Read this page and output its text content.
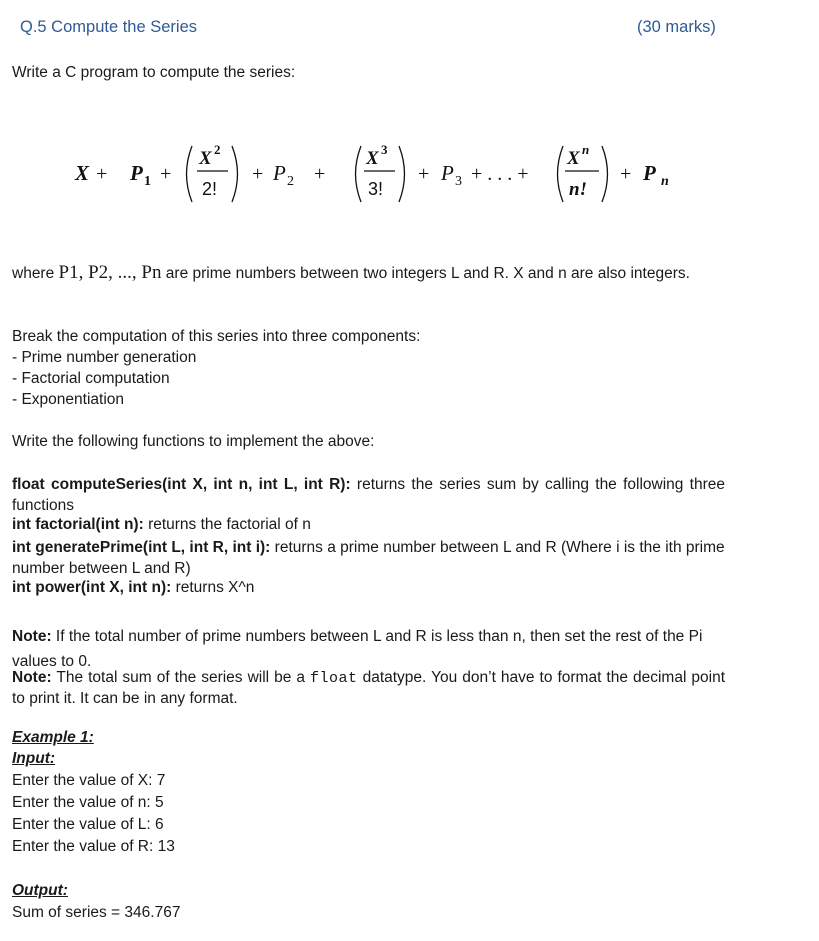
Q.5 Compute the Series	(30 marks)
Write a C program to compute the series:
X + P 1 +
X 2
2!
+ P 2 +
X 3
3!
+ P 3 + . . . +
X n
n!
+ P n
where P1, P2, ..., Pn are prime numbers between two integers L and R. X and n are also integers.
Break the computation of this series into three components:
- Prime number generation
- Factorial computation
- Exponentiation
Write the following functions to implement the above:
float computeSeries(int X, int n, int L, int R): returns the series sum by calling the following three functions
int factorial(int n): returns the factorial of n
int generatePrime(int L, int R, int i): returns a prime number between L and R (Where i is the ith prime number between L and R)
int power(int X, int n): returns X^n
Note: If the total number of prime numbers between L and R is less than n, then set the rest of the Pi values to 0.
Note: The total sum of the series will be a float datatype. You don’t have to format the decimal point to print it. It can be in any format.
Example 1:
Input:
Enter the value of X: 7
Enter the value of n: 5
Enter the value of L: 6
Enter the value of R: 13
Output:
Sum of series = 346.767
